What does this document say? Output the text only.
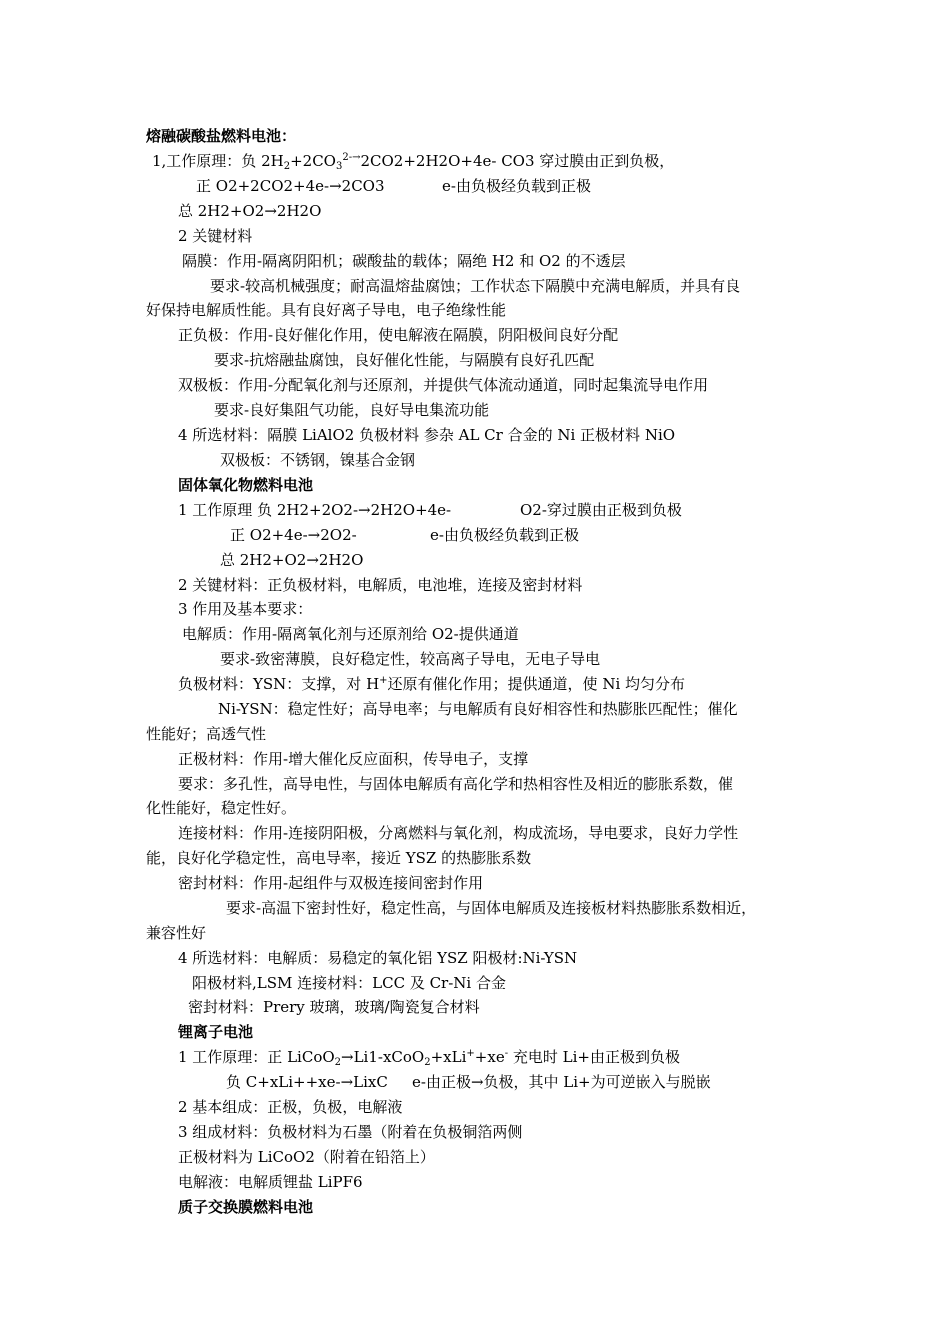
熔融碳酸盐燃料电池：
1,工作原理：负 $2H_2+2CO_3^{2-\to}2CO2+2H2O+4e-$ CO3 穿过膜由正到负极，
正 O2+2CO2+4e-→2CO3	e-由负极经负载到正极
总 2H2+O2→2H2O
2 关键材料
隔膜：作用-隔离阴阳机；碳酸盐的载体；隔绝 H2 和 O2 的不透层
要求-较高机械强度；耐高温熔盐腐蚀；工作状态下隔膜中充满电解质，并具有良
好保持电解质性能。具有良好离子导电，电子绝缘性能
正负极：作用-良好催化作用，使电解液在隔膜，阴阳极间良好分配
要求-抗熔融盐腐蚀，良好催化性能，与隔膜有良好孔匹配
双极板：作用-分配氧化剂与还原剂，并提供气体流动通道，同时起集流导电作用
要求-良好集阻气功能，良好导电集流功能
4 所选材料：隔膜 LiAlO2 负极材料 参杂 AL Cr 合金的 Ni 正极材料 NiO
双极板：不锈钢，镍基合金钢
固体氧化物燃料电池
1 工作原理 负 2H2+2O2-→2H2O+4e-	O2-穿过膜由正极到负极
正 O2+4e-→2O2-	e-由负极经负载到正极
总 2H2+O2→2H2O
2 关键材料：正负极材料，电解质，电池堆，连接及密封材料
3 作用及基本要求：
电解质：作用-隔离氧化剂与还原剂给 O2-提供通道
要求-致密薄膜，良好稳定性，较高离子导电，无电子导电
负极材料：YSN：支撑，对 H+还原有催化作用；提供通道，使 Ni 均匀分布
Ni-YSN：稳定性好；高导电率；与电解质有良好相容性和热膨胀匹配性；催化
性能好；高透气性
正极材料：作用-增大催化反应面积，传导电子，支撑
要求：多孔性，高导电性，与固体电解质有高化学和热相容性及相近的膨胀系数，催
化性能好，稳定性好。
连接材料：作用-连接阴阳极，分离燃料与氧化剂，构成流场，导电要求，良好力学性
能，良好化学稳定性，高电导率，接近 YSZ 的热膨胀系数
密封材料：作用-起组件与双极连接间密封作用
要求-高温下密封性好，稳定性高，与固体电解质及连接板材料热膨胀系数相近，
兼容性好
4 所选材料：电解质：易稳定的氧化铝 YSZ 阳极材:Ni-YSN
阳极材料,LSM 连接材料：LCC 及 Cr-Ni 合金
密封材料：Prery 玻璃，玻璃/陶瓷复合材料
锂离子电池
1 工作原理：正 LiCoO$_2$→Li1-xCoO$_2$+xLi++xe- 充电时 Li+由正极到负极
负 C+xLi++xe-→LixC e-由正极→负极，其中 Li+为可逆嵌入与脱嵌
2 基本组成：正极，负极，电解液
3 组成材料：负极材料为石墨（附着在负极铜箔两侧
正极材料为 LiCoO2（附着在铅箔上）
电解液：电解质锂盐 LiPF6
质子交换膜燃料电池
